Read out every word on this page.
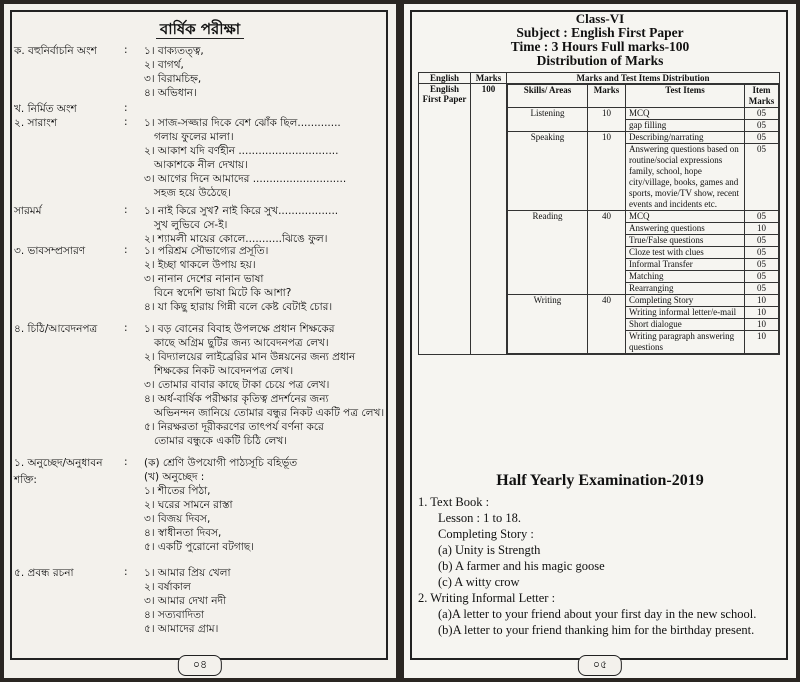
বার্ষিক পরীক্ষা
ক. বহুনির্বাচনি অংশ	: ১। বাক্যতত্ত্ব,
২। বাগর্থ,
৩। বিরামচিহ্ন,
৪। অভিধান।
খ. নির্মিত অংশ	:
২. সারাংশ	: ১। সাজ-সজ্জার দিকে বেশ ঝোঁক ছিল.............
গলায় ফুলের মালা।
২। আকাশ যদি বর্ণহীন ..............................
আকাশকে নীল দেখায়।
৩। আগের দিনে আমাদের ............................
সহজ হয়ে উঠেছে।
সারমর্ম	: ১। নাই কিরে সুখ? নাই কিরে সুখ..................
সুখ লুভিবে সে-ই।
২। শ্যামলী মায়ের কোলে...........ঝিঙে ফুল।
৩. ভাবসম্প্রসারণ	: ১। পরিশ্রম সৌভাগ্যের প্রসূতি।
২। ইচ্ছা থাকলে উপায় হয়।
৩। নানান দেশের নানান ভাষা
বিনে স্বদেশি ভাষা মিটে কি আশা?
৪। যা কিছু হারায় গিন্নী বলে কেষ্ট বেটাই চোর।
৪. চিঠি/আবেদনপত্র	: ১। বড় বোনের বিবাহ উপলক্ষে প্রধান শিক্ষকের
কাছে অগ্রিম ছুটির জন্য আবেদনপত্র লেখ।
২। বিদ্যালয়ের লাইব্রেরির মান উন্নয়নের জন্য প্রধান
শিক্ষকের নিকট আবেদনপত্র লেখ।
৩। তোমার বাবার কাছে টাকা চেয়ে পত্র লেখ।
৪। অর্ধ-বার্ষিক পরীক্ষার কৃতিত্ব প্রদর্শনের জন্য
অভিনন্দন জানিয়ে তোমার বন্ধুর নিকট একটি পত্র লেখ।
৫। নিরক্ষরতা দূরীকরণের তাৎপর্য বর্ণনা করে
তোমার বন্ধুকে একটি চিঠি লেখ।
১. অনুচ্ছেদ/অনুধাবন শক্তি:
: (ক) শ্রেণি উপযোগী পাঠ্যসূচি বহির্ভূত
(খ) অনুচ্ছেদ :
১। শীতের পিঠা,
২। ঘরের সামনে রাস্তা
৩। বিজয় দিবস,
৪। স্বাধীনতা দিবস,
৫। একটি পুরোনো বটগাছ।
৫. প্রবন্ধ রচনা	: ১। আমার প্রিয় খেলা
২। বর্ষাকাল
৩। আমার দেখা নদী
৪। সত্যবাদিতা
৫। আমাদের গ্রাম।
০৪
Class-VI
Subject : English First Paper
Time : 3 Hours Full marks-100
Distribution of Marks
English	Marks	Marks and Test Items Distribution
English First Paper	100		Skills/ Areas	Marks	Test Items	Item Marks
Listening	10	MCQ	05
gap filling	05
Speaking	10	Describing/narrating	05
Answering questions based on routine/social expressions family, school, hope city/village, books, games and sports, movie/TV show, recent events and incidents etc.	05
Reading	40	MCQ	05
Answering questions	10
True/False questions	05
Cloze test with clues	05
Informal Transfer	05
Matching	05
Rearranging	05
Writing	40	Completing Story	10
Writing informal letter/e-mail	10
Short dialogue	10
Writing paragraph answering questions	10
Half Yearly Examination-2019
1. Text Book :
Lesson : 1 to 18.
Completing Story :
(a) Unity is Strength
(b) A farmer and his magic goose
(c) A witty crow
2. Writing Informal Letter :
(a)A letter to your friend about your first day in the new school.
(b)A letter to your friend thanking him for the birthday present.
০৫
